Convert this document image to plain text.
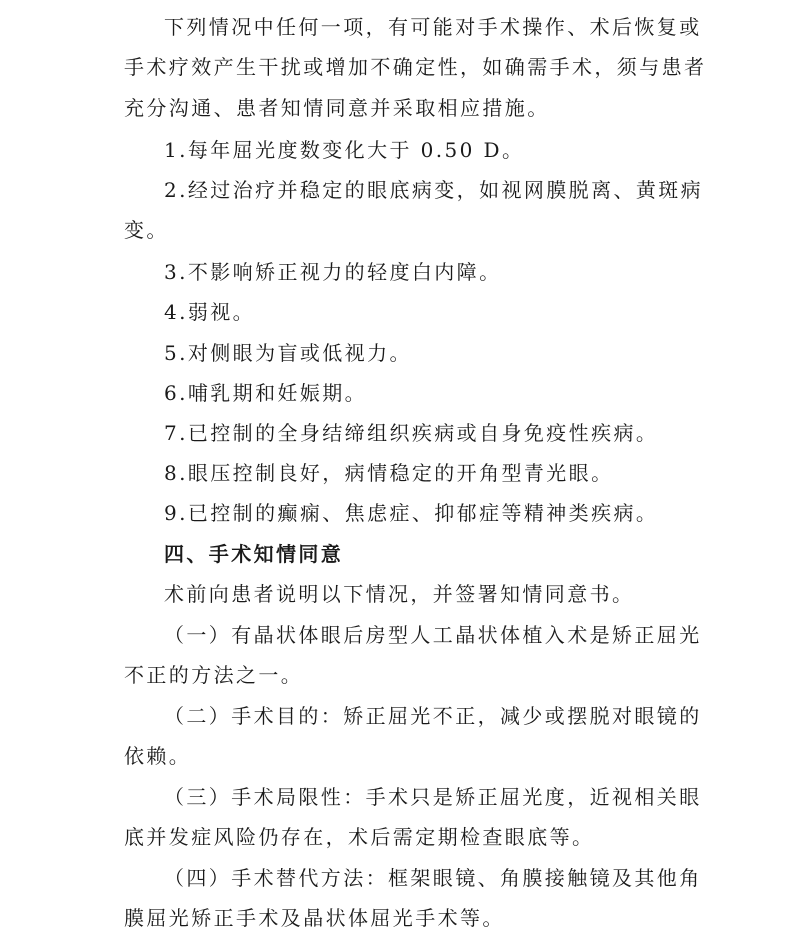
下列情况中任何一项，有可能对手术操作、术后恢复或
手术疗效产生干扰或增加不确定性，如确需手术，须与患者
充分沟通、患者知情同意并采取相应措施。
1.每年屈光度数变化大于 0.50 D。
2.经过治疗并稳定的眼底病变，如视网膜脱离、黄斑病
变。
3.不影响矫正视力的轻度白内障。
4.弱视。
5.对侧眼为盲或低视力。
6.哺乳期和妊娠期。
7.已控制的全身结缔组织疾病或自身免疫性疾病。
8.眼压控制良好，病情稳定的开角型青光眼。
9.已控制的癫痫、焦虑症、抑郁症等精神类疾病。
四、手术知情同意
术前向患者说明以下情况，并签署知情同意书。
（一）有晶状体眼后房型人工晶状体植入术是矫正屈光
不正的方法之一。
（二）手术目的：矫正屈光不正，减少或摆脱对眼镜的
依赖。
（三）手术局限性：手术只是矫正屈光度，近视相关眼
底并发症风险仍存在，术后需定期检查眼底等。
（四）手术替代方法：框架眼镜、角膜接触镜及其他角
膜屈光矫正手术及晶状体屈光手术等。
